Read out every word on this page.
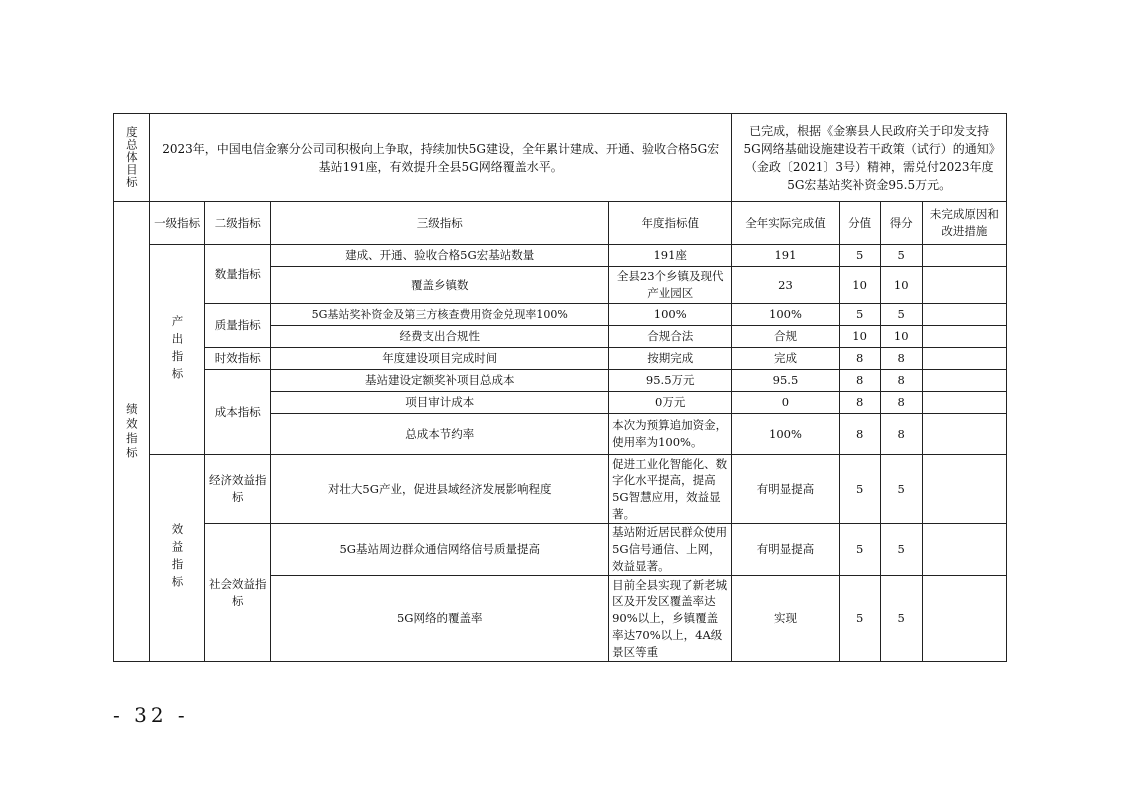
度总体目标	2023年，中国电信金寨分公司司积极向上争取，持续加快5G建设，全年累计建成、开通、验收合格5G宏基站191座，有效提升全县5G网络覆盖水平。				已完成，根据《金寨县人民政府关于印发支持5G网络基础设施建设若干政策（试行）的通知》（金政〔2021〕3号）精神，需兑付2023年度5G宏基站奖补资金95.5万元。			

绩效指标	一级指标	二级指标	三级指标	年度指标值	全年实际完成值	分值	得分	未完成原因和改进措施

	产出指标	数量指标	建成、开通、验收合格5G宏基站数量	191座	191	5	5	
			覆盖乡镇数	全县23个乡镇及现代产业园区	23	10	10	
		质量指标	5G基站奖补资金及第三方核查费用资金兑现率100%	100%	100%	5	5	
			经费支出合规性	合规合法	合规	10	10	
		时效指标	年度建设项目完成时间	按期完成	完成	8	8	
		成本指标	基站建设定额奖补项目总成本	95.5万元	95.5	8	8	
			项目审计成本	0万元	0	8	8	
			总成本节约率	本次为预算追加资金，使用率为100%。	100%	8	8	

	效益指标	经济效益指标	对壮大5G产业，促进县域经济发展影响程度	促进工业化智能化、数字化水平提高，提高5G智慧应用，效益显著。	有明显提高	5	5	
		社会效益指标	5G基站周边群众通信网络信号质量提高	基站附近居民群众使用5G信号通信、上网，效益显著。	有明显提高	5	5	
			5G网络的覆盖率	目前全县实现了新老城区及开发区覆盖率达90%以上，乡镇覆盖率达70%以上，4A级景区等重	实现	5	5	
- 32 -
